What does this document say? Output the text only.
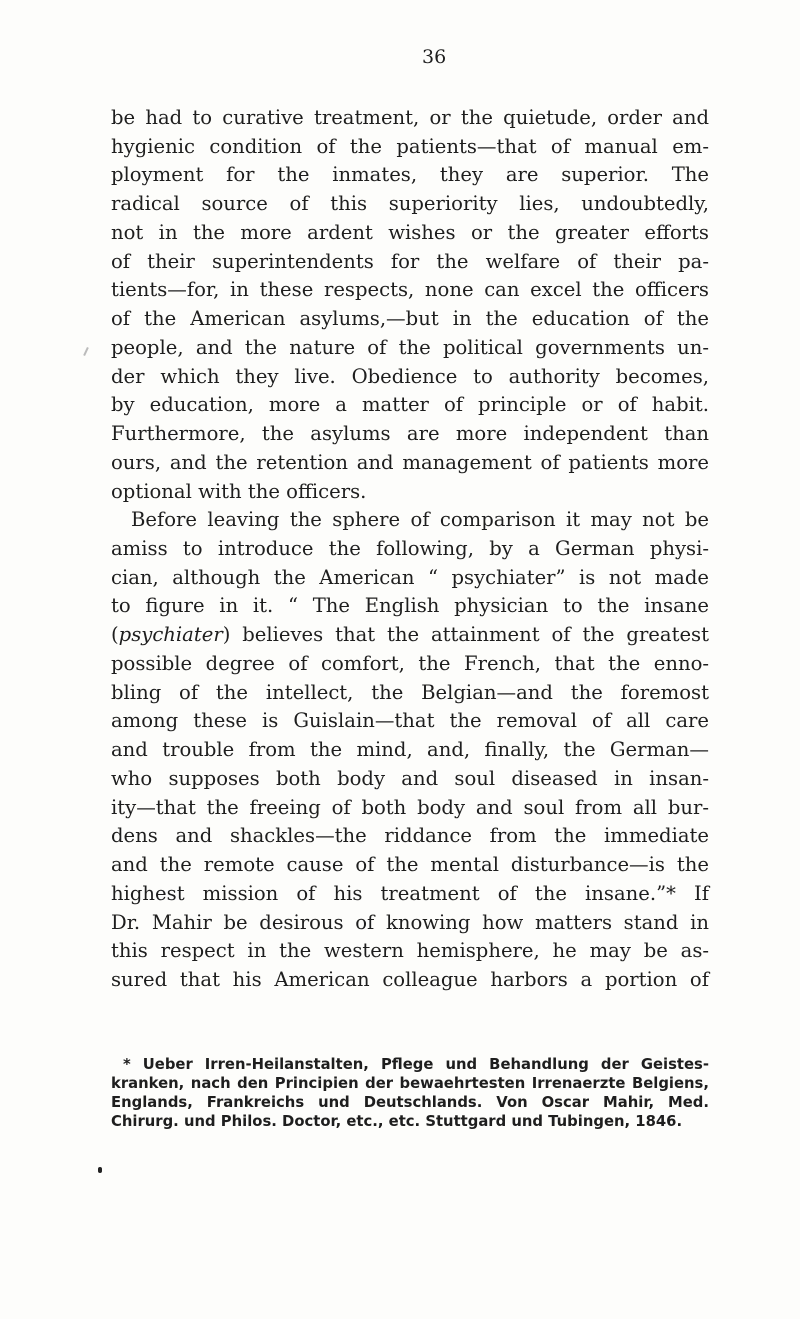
36
be had to curative treatment, or the quietude, order and
hygienic condition of the patients—that of manual em-
ployment for the inmates, they are superior. The
radical source of this superiority lies, undoubtedly,
not in the more ardent wishes or the greater efforts
of their superintendents for the welfare of their pa-
tients—for, in these respects, none can excel the officers
of the American asylums,—but in the education of the
people, and the nature of the political governments un-
der which they live. Obedience to authority becomes,
by education, more a matter of principle or of habit.
Furthermore, the asylums are more independent than
ours, and the retention and management of patients more
optional with the officers.
Before leaving the sphere of comparison it may not be
amiss to introduce the following, by a German physi-
cian, although the American “ psychiater” is not made
to figure in it. “ The English physician to the insane
(psychiater) believes that the attainment of the greatest
possible degree of comfort, the French, that the enno-
bling of the intellect, the Belgian—and the foremost
among these is Guislain—that the removal of all care
and trouble from the mind, and, finally, the German—
who supposes both body and soul diseased in insan-
ity—that the freeing of both body and soul from all bur-
dens and shackles—the riddance from the immediate
and the remote cause of the mental disturbance—is the
highest mission of his treatment of the insane.”* If
Dr. Mahir be desirous of knowing how matters stand in
this respect in the western hemisphere, he may be as-
sured that his American colleague harbors a portion of
* Ueber Irren-Heilanstalten, Pflege und Behandlung der Geistes-
kranken, nach den Principien der bewaehrtesten Irrenaerzte Belgiens,
Englands, Frankreichs und Deutschlands. Von Oscar Mahir, Med.
Chirurg. und Philos. Doctor, etc., etc. Stuttgard und Tubingen, 1846.
